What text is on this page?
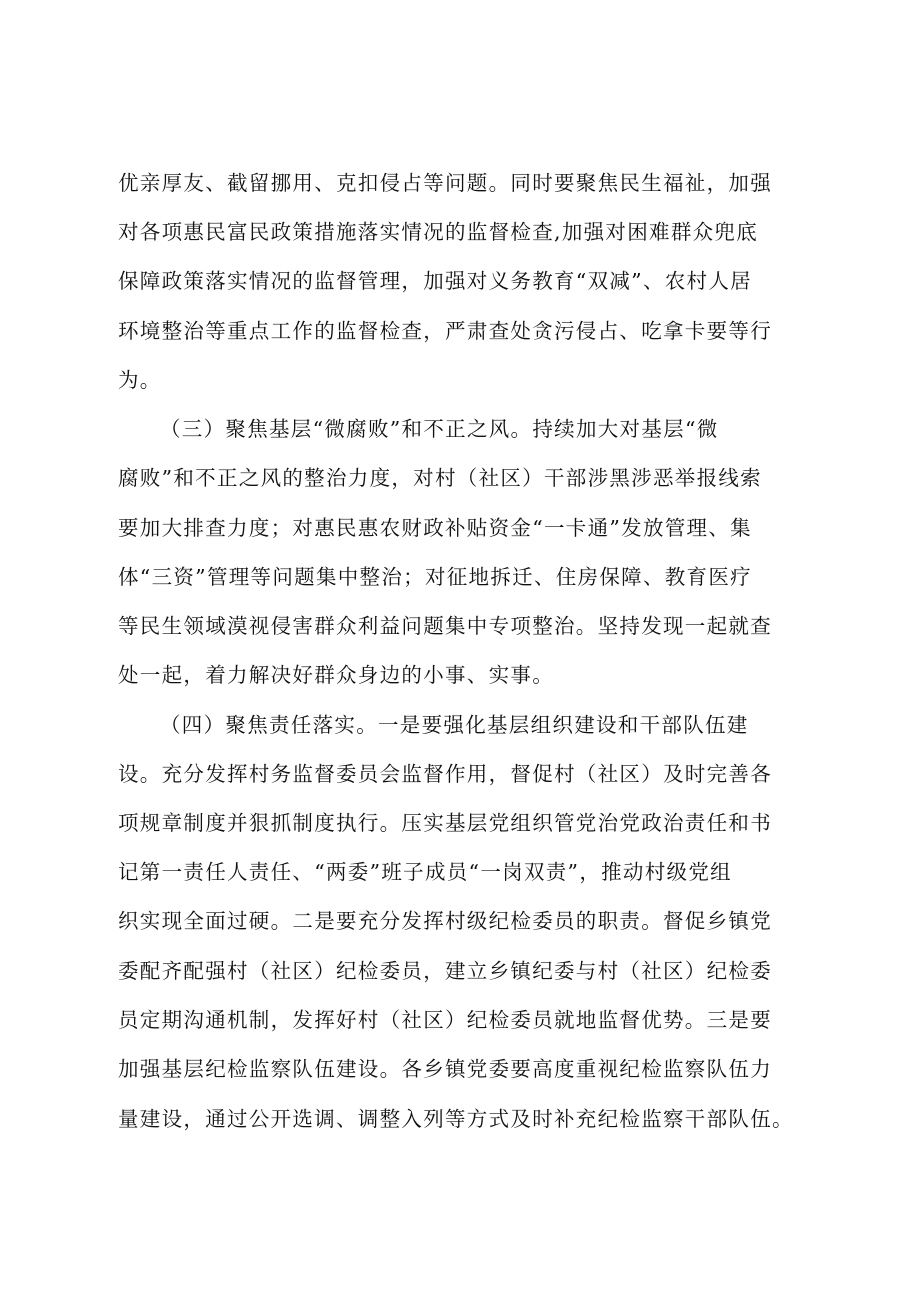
优亲厚友、截留挪用、克扣侵占等问题。同时要聚焦民生福祉，加强
对各项惠民富民政策措施落实情况的监督检查,加强对困难群众兜底
保障政策落实情况的监督管理，加强对义务教育“双减”、农村人居
环境整治等重点工作的监督检查，严肃查处贪污侵占、吃拿卡要等行
为。
（三）聚焦基层“微腐败”和不正之风。持续加大对基层“微
腐败”和不正之风的整治力度，对村（社区）干部涉黑涉恶举报线索
要加大排查力度；对惠民惠农财政补贴资金“一卡通”发放管理、集
体“三资”管理等问题集中整治；对征地拆迁、住房保障、教育医疗
等民生领域漠视侵害群众利益问题集中专项整治。坚持发现一起就查
处一起，着力解决好群众身边的小事、实事。
（四）聚焦责任落实。一是要强化基层组织建设和干部队伍建
设。充分发挥村务监督委员会监督作用，督促村（社区）及时完善各
项规章制度并狠抓制度执行。压实基层党组织管党治党政治责任和书
记第一责任人责任、“两委”班子成员“一岗双责”，推动村级党组
织实现全面过硬。二是要充分发挥村级纪检委员的职责。督促乡镇党
委配齐配强村（社区）纪检委员，建立乡镇纪委与村（社区）纪检委
员定期沟通机制，发挥好村（社区）纪检委员就地监督优势。三是要
加强基层纪检监察队伍建设。各乡镇党委要高度重视纪检监察队伍力
量建设，通过公开选调、调整入列等方式及时补充纪检监察干部队伍。
